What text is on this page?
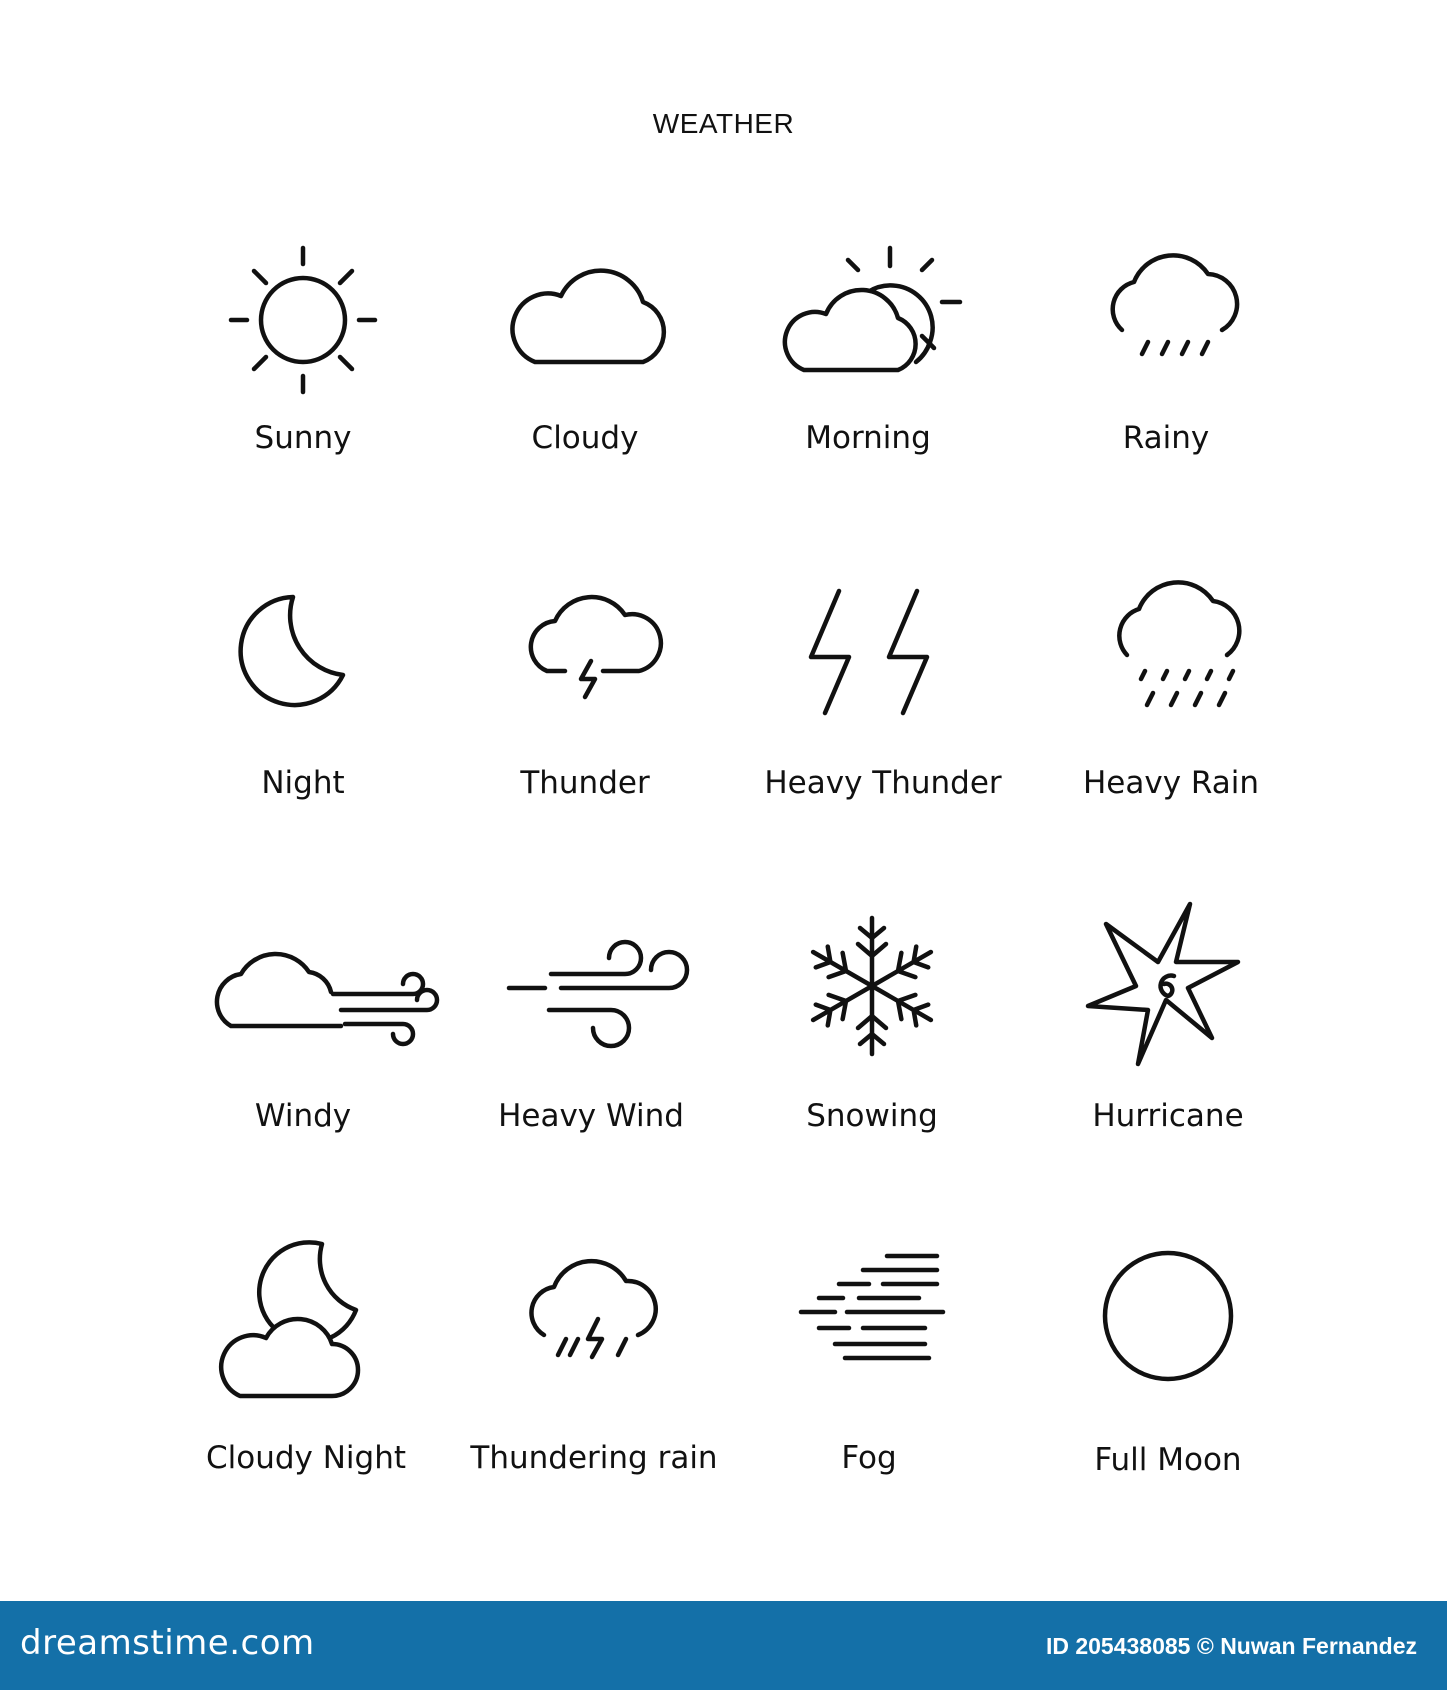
WEATHER
Sunny	Cloudy	Morning	Rainy
Night	Thunder	Heavy Thunder	Heavy Rain
Windy	Heavy Wind	Snowing	Hurricane
Cloudy Night	Thundering rain	Fog	Full Moon
dreamstime.com	ID 205438085 © Nuwan Fernandez
